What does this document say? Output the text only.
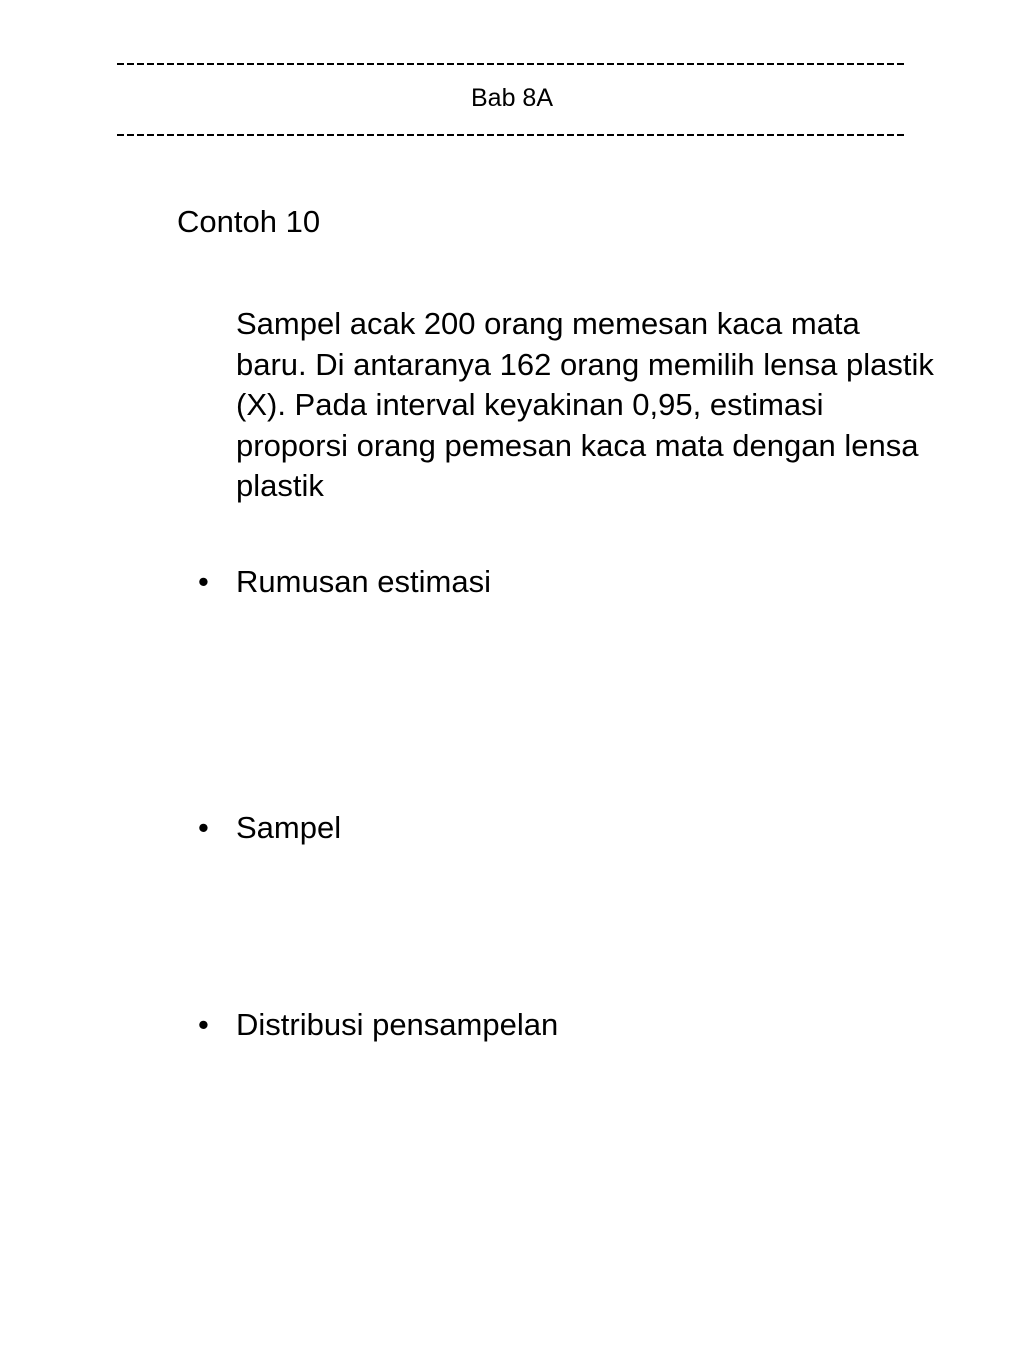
Bab 8A
Contoh 10

Sampel acak 200 orang memesan kaca mata baru. Di antaranya 162 orang memilih lensa plastik (X). Pada interval keyakinan 0,95, estimasi proporsi orang pemesan kaca mata dengan lensa plastik

• Rumusan estimasi
• Sampel
• Distribusi pensampelan
